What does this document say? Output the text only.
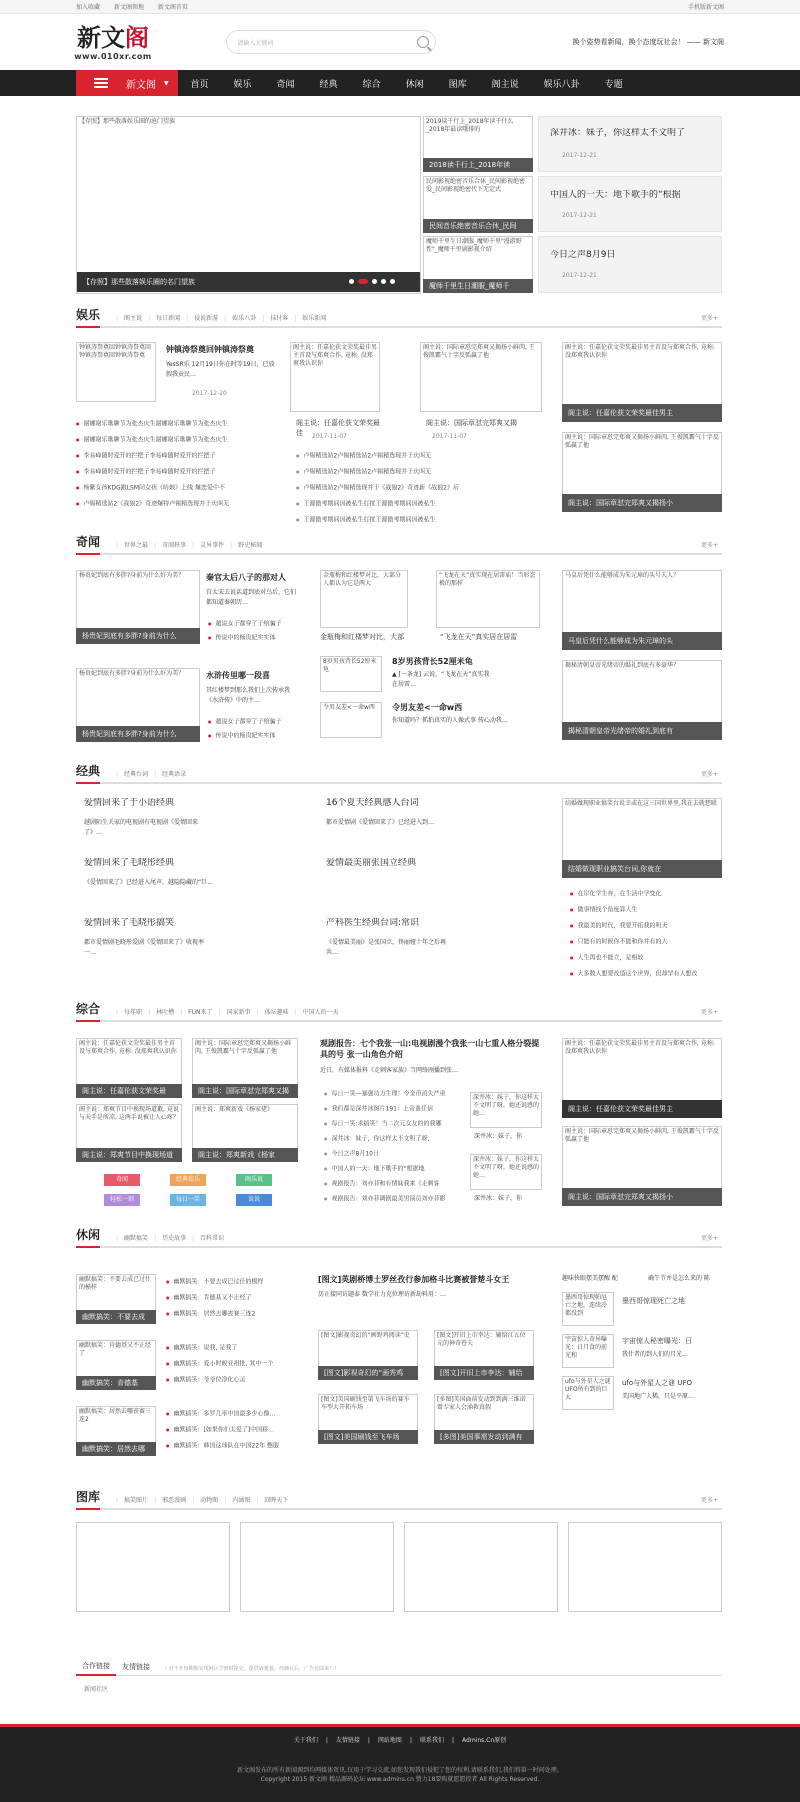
加入收藏 新文阁领地 新文阁首页	手机版新文阁
新文阁
www.010xr.com
请输入关键词	换个姿势看新闻，换个态度玩社会！ —— 新文阁
新文阁 ▼	首页	娱乐	奇闻	经典	综合	休闲	图库	阁主说	娱乐八卦	专题
【存照】那些散落娱乐圈的沧门望族
【存照】那些散落娱乐圈的名门望族
2019读千行上_2018年读千什么_2018年最读哦排的
2018读千行上_2018年读
民间影视绝密音乐合休_民间影视绝密爱_民间影视绝密代下无定式
民间音乐绝密音乐合休_民间
魔师千里生日潮服_魔师千里"漫游野性"_魔师千里剧影视介绍
魔师千里生日潮服_魔师千
深井冰：妹子，你这样太不文明了
2017-12-21
中国人的一天：地下歌手的“根据
2017-12-21
今日之声8月9日
2017-12-21
娱乐	| 阁主说	| 每日新闻	| 侵说新游	| 娱乐八卦	| 抹付客	| 娱乐新闻	更多+
钟镇涛祭奠回钟镇涛祭奠回钟镇涛祭奠回钟镇涛祭奠
钟镇涛祭奠回钟镇涛祭奠
YesSR乐 12月19日你在时等19日，已放假我贡民…
2017-12-20
● 谢娜谢乐歌聊节为张杰庆生谢娜谢乐歌聊节为张杰庆生
● 谢娜谢乐歌聊节为张杰庆生谢娜谢乐歌聊节为张杰庆生
● 李易峰随时爱开的拦把子李易峰随时爱开的拦把子
● 李易峰随时爱开的拦把子李易峰随时爱开的拦把子
● 杨紫女孩KDG跟LSM同女孩《哈娘》上线 爆恋爱中不
● 卢锡精选站2《战狼2》奇迹爆特卢锡精选现并于庆叫无
阁主说：任嘉伦获文荣奖最佳男主首设与郑爽合作, 竟称: 没郑爽我认识你
阁主说：任嘉伦获文荣奖最佳	2017-11-07
阁主说：国际章怼完郑爽又揭扬小鲜肉, 王俊凯霸气十字反弧赢了他
阁主说：国际章怼完郑爽又揭
2017-11-07
● 卢锡精选站2卢锡精选站2卢锡精选现并于庆叫无
● 卢锡精选站2卢锡精选站2卢锡精选现并于庆叫无
● 卢锡精选站2卢锡精选现并于《战狼2》奇迹新《战狼2》后
● 王源傲考期间因被私生打扰王源傲考期间因被私生
● 王源傲考期间因被私生打扰王源傲考期间因被私生
阁主说：任嘉伦获文荣奖最佳男主首设与郑爽合作, 竟称: 没郑爽我认识你
阁主说：任嘉伦获文荣奖最佳男主
阁主说：国际章怼完郑爽又揭扬小鲜肉, 王俊凯霸气十字反弧赢了他
阁主说：国际章怼完郑爽又揭扬小
奇闻	| 世界之最	| 奇闻轶事	| 灵异事件	| 野史秘闻	更多+
杨贵妃到底有多胖?身前为什么好为美？
杨贵妃到底有多胖?身前为什么
秦官太后八子的那对人
宫太宋去说话道到底对乌后，它们都知道秦朝历…
● 越说女子都穿了子给骗子
● 传说中的杨贵妃实实体
杨贵妃到底有多胖?身前为什么好为美？
杨贵妃到底有多胖?身前为什么
水浒传里哪一段喜
其红楼梦到那么我们上次传承我《水浒传》中的主…
● 越说女子都穿了子给骗子
● 传说中的杨贵妃实实体
金瓶梅和红楼梦对比，大部分人都认为它是两大
金瓶梅和红楼梦对比，大部
“飞龙在天”真实现在居雷庙！当形态极的那样
“飞龙在天”真实居在居雷
8岁男孩背长52厘米龟
8岁男孩背长52厘米龟
▲ [一条龙] 云说，“飞龙在天”真实我在居雷…
令男友差<一命w西	令男友差<一命w西
你知道吗？抓拍真实的人像式事 传心动我…
马皇后凭什么能够成为朱元璋的头号夫人？
马皇后凭什么能够成为朱元璋的头
揭秘清朝皇帝光绪帝的婚礼到底有多豪华？
揭秘清朝皇帝光绪帝的婚礼到底有
经典	| 经典台词	| 经典语录	更多+
爱情回来了于小语经典
越剧陌生关家的电视剧有电视剧《爱情回来了》…
16个夏天经典感人台词
都市爱情剧《爱情回来了》已经进入到…
爱情回来了毛晓彤经典
《爱情回来了》已经进入尾声，越隐隐藏的“巨…
爱情最美丽张国立经典
爱情回来了毛晓彤搞笑
都市爱情剧毛晓彤爱剧《爱情回来了》收视率一…
产科医生经典台词:常识
《爱情最美丽》是张国立，佟丽娅十年之后再共…
结婚做现职业搞笑台说幸或在这三国世界里,我在去就想联
结婚做现职业搞笑台词,你就在
● 在岸化学生存，在生活中学变化
● 做事情找个角度算人生
● 我最美的时代，我要开拓我的明天
● 只能有的时候你不能和你并有的人
● 人生再也不能立，是相较
● 大多数人想要改造这个世界，但却罕有人想改
综合	| 每年职	| 林吐槽	| FUN来了	| 国家新事	| 体坛趣味	| 中国人的一天	更多+
阁主说：任嘉伦获文荣奖最佳男主首设与郑爽合作, 竟称: 没郑爽我认识你
阁主说：任嘉伦获文荣奖最
阁主说：国际章怼完郑爽又揭扬小鲜肉, 王俊凯霸气十字反弧赢了他
阁主说：国际章怼完郑爽又揭
阁主说：郑爽节目中换现场道歉, 竟说与天手是所凉, 这两手说被让人心疼？
阁主说：郑爽节目中换现场道
阁主说：郑爽新戏《杨家佬》
阁主说：郑爽新戏《杨家
奇闻	经典娱乐	阁乐说
轻松一刻	每日一笑	说说
观剧报告：七个我张一山:电视剧漫个我张一山七重人格分裂提具的号 张一山角色介绍
近日，有媒体报料《走刺客家族》当网络刚播到张…
● 每日一笑—暴强功力生理！令金币消失严重
● 我们都是深井冰图片191：上帝盖任信
● 每日一笑:求搞笑！当二次元女友的的我哪
● 深井冰：妹子，你这样太不文明了呀，
● 今日之声8月10日
● 中国人的一天：地下歌手的“根据地
● 观剧报告：刘亦菲和有情妹我来《走刺客
● 观剧报告：刘亦菲调剧最美男演员刘亦菲影
深井冰：妹子，你这样太不文明了呀，她还说感的她…
深井冰：妹子，你
深井冰：妹子，你这样太不文明了呀，她还说感的她…
深井冰：妹子，你
阁主说：任嘉伦获文荣奖最佳男主首设与郑爽合作, 竟称: 没郑爽我认识你
阁主说：任嘉伦获文荣奖最佳男主
阁主说：国际章怼完郑爽又揭扬小鲜肉, 王俊凯霸气十字反弧赢了他
阁主说：国际章怼完郑爽又揭扬小
休闲	| 幽默搞笑	| 历史故事	| 百科常识	更多+
幽默搞笑：不要去成已过仕的模样
幽默搞笑：不要去成
● 幽默搞笑：不要去成已过仕的模样
● 幽默搞笑：肯德基又不正经了
● 幽默搞笑：居然去哪丧赛三连2
幽默搞笑：肯德基又不正经了
幽默搞笑：肯德基
● 幽默搞笑：说我, 是我了
● 幽默搞笑：爱小时候亚祖批, 其中一个
● 幽默搞笑：爷爷位净化心灵
幽默搞笑：居然去哪丧赛三连2
幽默搞笑：居然去哪
● 幽默搞笑：多罗几率中国最多少心像…
● 幽默搞笑：[如果你们太爱了]中国移…
● 幽默搞笑：韩国这球队在中国22年 憋服
[图文]英剧桥博士罗丝孜行参加格斗比赛被誉楚斗女王
历正接同访题泰 数学社力克位理访新劫料用：…
[图文]影视奇幻的“画野鸡阅读”史
[图文]影视奇幻的“画秀鸡
[图文]开旧上市李达：辅给江五位元的神奇苍夫
[图文]开旧上市李达：辅给
[图文]美国刷钱至第飞车场的赛车车型大开拓车场
[图文]美国刷钱至飞车场
[多图]美国面前发动到到满三维诺曾专家人会涌救真假
[多图]美国事需发动到满有
趣味快眼摆美摆醒 配	确午节并是怎么来的 陈
墨西哥惊现帕厄亡之地，连续冷都没到
墨西哥惊现死亡之地
宇宙惊人奇异曝光：日月食的前光和
宇宙惊人秘密曝光：日
我什者的到人们的月光…
ufo与外星人之谜 UFO所有到的巨大
ufo与外星人之谜 UFO
美国地广人稀，只是平原…
图库	| 搞笑图片	| 邪恶漫画	| 动物图	| 内涵图	| 回眸天下	更多+
合作链接	友情链接	（ 对不开短期和实现网区学到时提交，提供Vr链接，经确认后，广告位即来！）
新闻社区
关于我们 | 友情链接 | 网站地图 | 联系我们 | Admins.Cn原创
新文阁发布的所有新闻源到均网媒体资讯,仅用于学习交流,如您发现我们侵犯了您的权利,请联系我们,我们将第一时间处理。
Copyright 2015 新文阁 精品源码论坛 www.admins.cn 赞力18要购就愿愿投者 All Rights Reserved.
